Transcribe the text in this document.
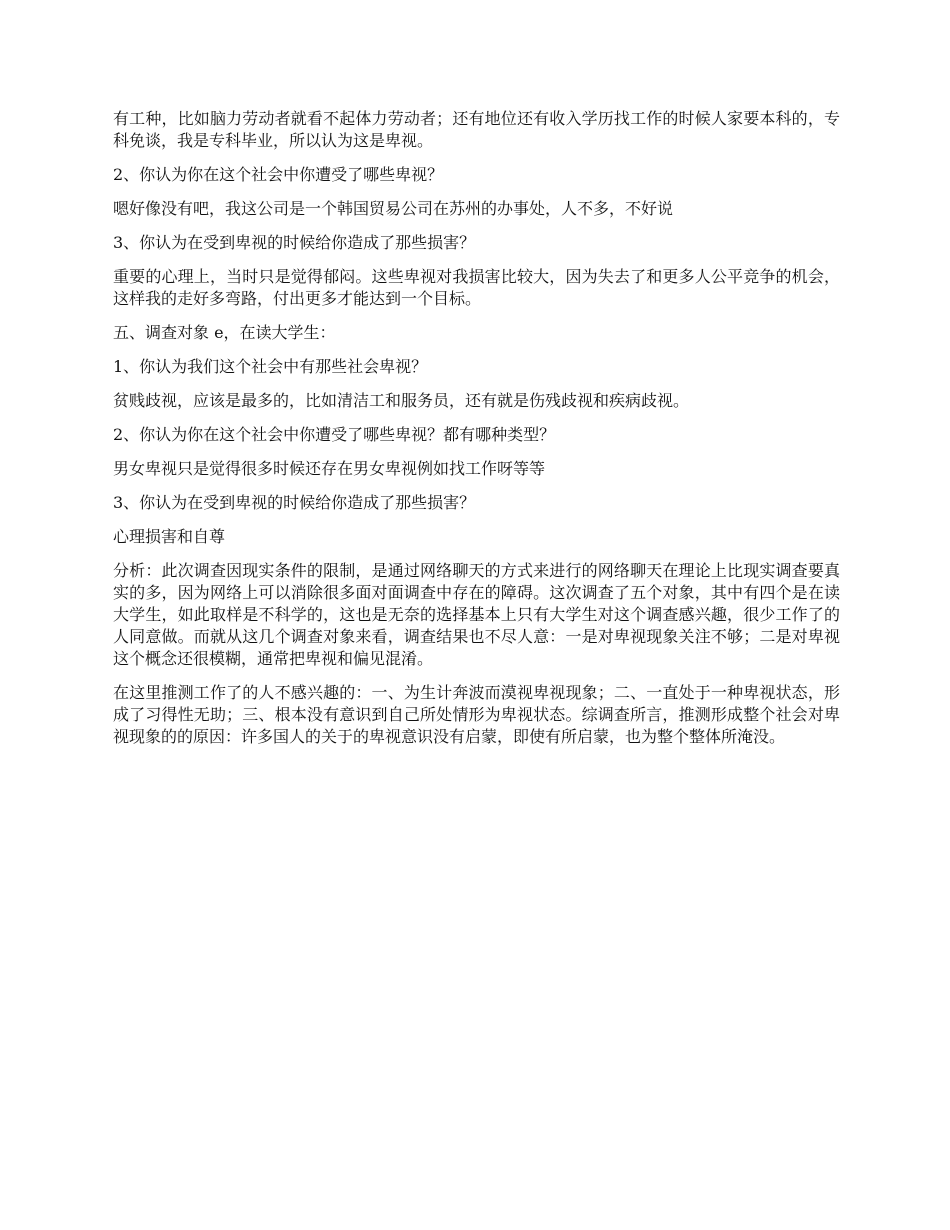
有工种，比如脑力劳动者就看不起体力劳动者；还有地位还有收入学历找工作的时候人家要本科的，专科免谈，我是专科毕业，所以认为这是卑视。

2、你认为你在这个社会中你遭受了哪些卑视？

嗯好像没有吧，我这公司是一个韩国贸易公司在苏州的办事处，人不多，不好说

3、你认为在受到卑视的时候给你造成了那些损害？

重要的心理上，当时只是觉得郁闷。这些卑视对我损害比较大，因为失去了和更多人公平竞争的机会，这样我的走好多弯路，付出更多才能达到一个目标。

五、调查对象 e，在读大学生：

1、你认为我们这个社会中有那些社会卑视？

贫贱歧视，应该是最多的，比如清洁工和服务员，还有就是伤残歧视和疾病歧视。

2、你认为你在这个社会中你遭受了哪些卑视？都有哪种类型？

男女卑视只是觉得很多时候还存在男女卑视例如找工作呀等等

3、你认为在受到卑视的时候给你造成了那些损害？

心理损害和自尊

分析：此次调查因现实条件的限制，是通过网络聊天的方式来进行的网络聊天在理论上比现实调查要真实的多，因为网络上可以消除很多面对面调查中存在的障碍。这次调查了五个对象，其中有四个是在读大学生，如此取样是不科学的，这也是无奈的选择基本上只有大学生对这个调查感兴趣，很少工作了的人同意做。而就从这几个调查对象来看，调查结果也不尽人意：一是对卑视现象关注不够；二是对卑视这个概念还很模糊，通常把卑视和偏见混淆。

在这里推测工作了的人不感兴趣的：一、为生计奔波而漠视卑视现象；二、一直处于一种卑视状态，形成了习得性无助；三、根本没有意识到自己所处情形为卑视状态。综调查所言，推测形成整个社会对卑视现象的的原因：许多国人的关于的卑视意识没有启蒙，即使有所启蒙，也为整个整体所淹没。
